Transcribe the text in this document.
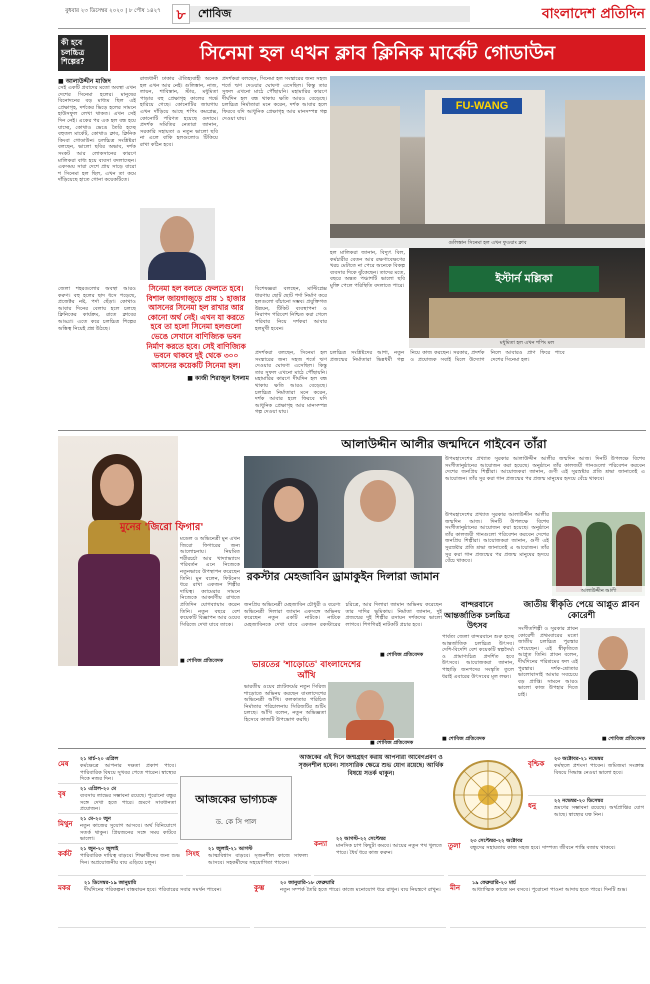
বুধবার ২৩ ডিসেম্বর ২০২০ | ৮ পৌষ ১৪২৭	৮	শোবিজ	বাংলাদেশ প্রতিদিন
কী হবে চলচ্চিত্র শিল্পের?	সিনেমা হল এখন ক্লাব ক্লিনিক মার্কেট গোডাউন
■ আলাউদ্দীন মাজিদ
সেই একটি প্রবাদের মতো অবস্থা এখন দেশের সিনেমা হলের। মানুষের বিনোদনের বড় মাধ্যম ছিল এই প্রেক্ষাগৃহ, দর্শকের ভিড়ে হলের সামনে হাউসফুল লেখা থাকত। এখন সেই দিন নেই। একের পর এক হল বন্ধ হয়ে যাচ্ছে, কোথাও ভেঙে তৈরি হচ্ছে বহুতল মার্কেট, কোথাও ক্লাব, ক্লিনিক কিংবা গোডাউন। চলচ্চিত্র সংশ্লিষ্টরা বলছেন, ভালো ছবির অভাব, দর্শক সংকট আর লোকসানের কারণে মালিকরা বাধ্য হয়ে ব্যবসা বদলাচ্ছেন। একসময় সারা দেশে প্রায় সাড়ে বারো শ সিনেমা হল ছিল, এখন তা কমে দাঁড়িয়েছে হাতে গোনা কয়েকটিতে।
রাজধানী ঢাকার ঐতিহ্যবাহী অনেক হল এখন আর নেই। গুলিস্তান, নাজ, লায়ন, শাবিস্তান, স্টার, মধুমিতা পাড়ার বহু প্রেক্ষাগৃহ কালের গর্ভে হারিয়ে গেছে। কোনোটির জায়গায় এখন দাঁড়িয়ে আছে শপিং কমপ্লেক্স, কোনোটি পরিণত হয়েছে গুদামে। প্রদর্শক সমিতির নেতারা জানান, সরকারি সহায়তা ও নতুন ভালো ছবি না এলে বাকি হলগুলোও টিকিয়ে রাখা কঠিন হবে।
প্রদর্শকরা বলছেন, সিনেমা হল সংস্কারের জন্য সহজ শর্তে ঋণ দেওয়ার ঘোষণা এসেছিল। কিন্তু তার সুফল এখনো মাঠে পৌঁছায়নি। মহামারির কারণে দীর্ঘদিন হল বন্ধ থাকায় ক্ষতি আরও বেড়েছে। চলচ্চিত্র নির্মাতারা মনে করেন, দর্শক আবার হলে ফিরবে যদি আধুনিক প্রেক্ষাগৃহ আর মানসম্পন্ন গল্প দেওয়া যায়।
সিনেমা হল বলতে ফেলতে হবে। বিশাল জায়গাজুড়ে প্রায় ১ হাজার আসনের সিনেমা হল রাখার আর কোনো অর্থ নেই। এখন যা করতে হবে তা হলো সিনেমা হলগুলো ভেঙে সেখানে বাণিজ্যিক ভবন নির্মাণ করতে হবে। সেই বাণিজ্যিক ভবনে থাকবে দুই থেকে ৩০০ আসনের কয়েকটি সিনেমা হল।
■ কাজী শিরাজুল ইসলাম
জেলা শহরগুলোর অবস্থা আরও করুণ। বহু হলের ছাদ ধসে পড়েছে, প্রজেক্টর নষ্ট, পর্দা ছেঁড়া। কোথাও আবার দিনের বেলায় হলে চলছে ক্লিনিকের কার্যক্রম, রাতে ক্লাবের আড্ডা। এতে করে চলচ্চিত্র শিল্পের অস্তিত্ব নিয়েই প্রশ্ন উঠছে।
বিশেষজ্ঞরা বলছেন, মাল্টিপ্লেক্স ধারণায় ছোট ছোট পর্দা নির্মাণ করে হলগুলো বাঁচানো সম্ভব। প্রযুক্তিগত উন্নয়ন, টিকিট ব্যবস্থাপনা ও নিরাপদ পরিবেশ নিশ্চিত করা গেলে পরিবার নিয়ে দর্শকরা আবার হলমুখী হবেন।
FU-WANG
গুলিস্তান সিনেমা হল এখন ফুওয়াং ক্লাব
ইস্টার্ন মল্লিকা
মধুমিতা হল এখন শপিং মল
হল মালিকরা জানান, বিদ্যুৎ বিল, কর্মচারীর বেতন আর রক্ষণাবেক্ষণের খরচ মেটাতে না পেরে অনেকে বিকল্প ব্যবসার দিকে ঝুঁকেছেন। তাদের মতে, বছরে অন্তত পঞ্চাশটি ভালো ছবি মুক্তি পেলে পরিস্থিতি বদলাতে পারে।
চলচ্চিত্র সংশ্লিষ্টদের আশা, নতুন প্রজন্মের নির্মাতারা ভিন্নধর্মী গল্প নিয়ে কাজ করছেন। সরকার, প্রদর্শক ও প্রযোজক সবাই মিলে উদ্যোগ নিলে আবারও প্রাণ ফিরে পাবে দেশের সিনেমা হল।
প্রদর্শকরা বলছেন, সিনেমা হল সংস্কারের জন্য সহজ শর্তে ঋণ দেওয়ার ঘোষণা এসেছিল। কিন্তু তার সুফল এখনো মাঠে পৌঁছায়নি। মহামারির কারণে দীর্ঘদিন হল বন্ধ থাকায় ক্ষতি আরও বেড়েছে। চলচ্চিত্র নির্মাতারা মনে করেন, দর্শক আবার হলে ফিরবে যদি আধুনিক প্রেক্ষাগৃহ আর মানসম্পন্ন গল্প দেওয়া যায়।
মুনের 'জিরো ফিগার'
মডেল ও অভিনেত্রী মুন এখন জিরো ফিগারের জন্য আলোচনায়। নিয়মিত শরীরচর্চা আর খাদ্যাভ্যাসে পরিবর্তন এনে নিজেকে নতুনভাবে উপস্থাপন করেছেন তিনি। মুন বলেন, ফিটনেস ধরে রাখা একজন শিল্পীর দায়িত্ব। ক্যামেরার সামনে নিজেকে আকর্ষণীয় রাখতে প্রতিদিন যোগব্যায়াম করেন তিনি। নতুন বছরে বেশ কয়েকটি বিজ্ঞাপন আর ওয়েব সিরিজে দেখা যাবে তাকে।
■ শোবিজ প্রতিবেদক
আলাউদ্দীন আলীর জন্মদিনে গাইবেন তাঁরা
উপমহাদেশের প্রখ্যাত সুরকার আলাউদ্দীন আলীর জন্মদিন আজ। দিনটি উপলক্ষে বিশেষ সংগীতানুষ্ঠানের আয়োজন করা হয়েছে। অনুষ্ঠানে তাঁর কালজয়ী গানগুলো পরিবেশন করবেন দেশের জনপ্রিয় শিল্পীরা। আয়োজকরা জানান, গুণী এই সুরস্রষ্টার প্রতি শ্রদ্ধা জানাতেই এ আয়োজন। তাঁর সুর করা গান প্রজন্মের পর প্রজন্ম মানুষের হৃদয়ে বেঁচে থাকবে।
আলাউদ্দীন আলী
উপমহাদেশের প্রখ্যাত সুরকার আলাউদ্দীন আলীর জন্মদিন আজ। দিনটি উপলক্ষে বিশেষ সংগীতানুষ্ঠানের আয়োজন করা হয়েছে। অনুষ্ঠানে তাঁর কালজয়ী গানগুলো পরিবেশন করবেন দেশের জনপ্রিয় শিল্পীরা। আয়োজকরা জানান, গুণী এই সুরস্রষ্টার প্রতি শ্রদ্ধা জানাতেই এ আয়োজন। তাঁর সুর করা গান প্রজন্মের পর প্রজন্ম মানুষের হৃদয়ে বেঁচে থাকবে।
রকস্টার মেহজাবিন ড্রামাকুইন দিলারা জামান
জনপ্রিয় অভিনেত্রী মেহজাবিন চৌধুরী ও বরেণ্য অভিনেত্রী দিলারা জামান একসঙ্গে অভিনয় করেছেন নতুন একটি নাটকে। নাটকে মেহজাবিনকে দেখা যাবে একজন রকস্টারের চরিত্রে, আর দিলারা জামান অভিনয় করেছেন তার দাদির ভূমিকায়। নির্মাতা জানান, দুই প্রজন্মের দুই শিল্পীর রসায়ন দর্শকদের ভালো লাগবে। শিগগিরই নাটকটি প্রচার হবে।
■ শোবিজ প্রতিবেদক
ভারতের 'শাড়োতে' বাংলাদেশের আঁখি
ভারতীয় ওয়েব প্ল্যাটফর্মের নতুন সিরিজ শাড়োতে অভিনয় করছেন বাংলাদেশের অভিনেত্রী আঁখি। কলকাতার পরিচিত নির্মাতার পরিচালনায় সিরিজটির শুটিং চলছে। আঁখি বলেন, নতুন অভিজ্ঞতা হিসেবে কাজটি উপভোগ করছি।
■ শোবিজ প্রতিবেদক
বান্দরবানে আন্তর্জাতিক চলচ্চিত্র উৎসব
পার্বত্য জেলা বান্দরবানে শুরু হচ্ছে আন্তর্জাতিক চলচ্চিত্র উৎসব। দেশি-বিদেশি বেশ কয়েকটি স্বল্পদৈর্ঘ্য ও প্রামাণ্যচিত্র প্রদর্শিত হবে উৎসবে। আয়োজকরা জানান, পাহাড়ি জনপদের সংস্কৃতি তুলে ধরাই এবারের উৎসবের মূল লক্ষ্য।
■ শোবিজ প্রতিবেদক
জাতীয় স্বীকৃতি পেয়ে আপ্লুত প্লাবন কোরেশী
সংগীতশিল্পী ও সুরকার প্লাবন কোরেশী প্রথমবারের মতো জাতীয় চলচ্চিত্র পুরস্কার পেয়েছেন। এই স্বীকৃতিতে আপ্লুত তিনি। প্লাবন বলেন, দীর্ঘদিনের পরিশ্রমের ফল এই পুরস্কার। দর্শক-শ্রোতার ভালোবাসাই আমার সবচেয়ে বড় প্রাপ্তি। সামনে আরও ভালো কাজ উপহার দিতে চাই।
■ শোবিজ প্রতিবেদক
আজকের ভাগ্যচক্র
ড. কে সি পাল
আজকের এই দিনে জন্মগ্রহণ করায় আপনারা আবেগপ্রবণ ও সৃজনশীল হবেন। সাংসারিক ক্ষেত্রে শুভ যোগ রয়েছে। আর্থিক বিষয়ে সতর্ক থাকুন।
মেষ
২১ মার্চ-২০ এপ্রিল
কর্মক্ষেত্রে আপনার দক্ষতা প্রকাশ পাবে। পারিবারিক বিষয়ে সুখবর পেতে পারেন। স্বাস্থ্যের দিকে নজর দিন।
বৃষ
২১ এপ্রিল-২০ মে
ব্যবসায় লাভের সম্ভাবনা রয়েছে। পুরোনো বন্ধুর সঙ্গে দেখা হতে পারে। ভ্রমণে সাবধানতা প্রয়োজন।
মিথুন
২১ মে-২০ জুন
নতুন কাজের সুযোগ আসবে। অর্থ বিনিয়োগে সতর্ক থাকুন। প্রিয়জনের সঙ্গে সময় কাটবে ভালো।
কর্কট
২১ জুন-২০ জুলাই
পারিবারিক দায়িত্ব বাড়বে। শিক্ষার্থীদের জন্য শুভ দিন। অপ্রয়োজনীয় ব্যয় এড়িয়ে চলুন।
সিংহ
২১ জুলাই-২১ আগস্ট
আত্মবিশ্বাস বাড়বে। সৃজনশীল কাজে সাফল্য আসবে। সহকর্মীদের সহযোগিতা পাবেন।
কন্যা
২২ আগস্ট-২২ সেপ্টেম্বর
মানসিক চাপ কিছুটা কমবে। আয়ের নতুন পথ খুলতে পারে। ধৈর্য ধরে কাজ করুন।
তুলা
২৩ সেপ্টেম্বর-২২ অক্টোবর
বন্ধুদের সহায়তায় কাজ সহজ হবে। দাম্পত্য জীবনে শান্তি বজায় থাকবে।
বৃশ্চিক
২৩ অক্টোবর-২১ নভেম্বর
কর্মস্থলে প্রশংসা পাবেন। জমিজমা সংক্রান্ত বিষয়ে সিদ্ধান্ত নেওয়া ভালো হবে।
ধনু
২২ নভেম্বর-২০ ডিসেম্বর
ভ্রমণের সম্ভাবনা রয়েছে। অর্থপ্রাপ্তির যোগ আছে। স্বাস্থ্যের যত্ন নিন।
মকর
২১ ডিসেম্বর-১৯ জানুয়ারি
দীর্ঘদিনের পরিকল্পনা বাস্তবায়ন হবে। পরিবারের সবার সমর্থন পাবেন।	কুম্ভ
২০ জানুয়ারি-১৮ ফেব্রুয়ারি
নতুন সম্পর্ক তৈরি হতে পারে। কাজে মনোযোগ ধরে রাখুন। ব্যয় নিয়ন্ত্রণে রাখুন।	মীন
১৯ ফেব্রুয়ারি-২০ মার্চ
আধ্যাত্মিক কাজে মন বসবে। পুরোনো পাওনা আদায় হতে পারে। দিনটি শুভ।
